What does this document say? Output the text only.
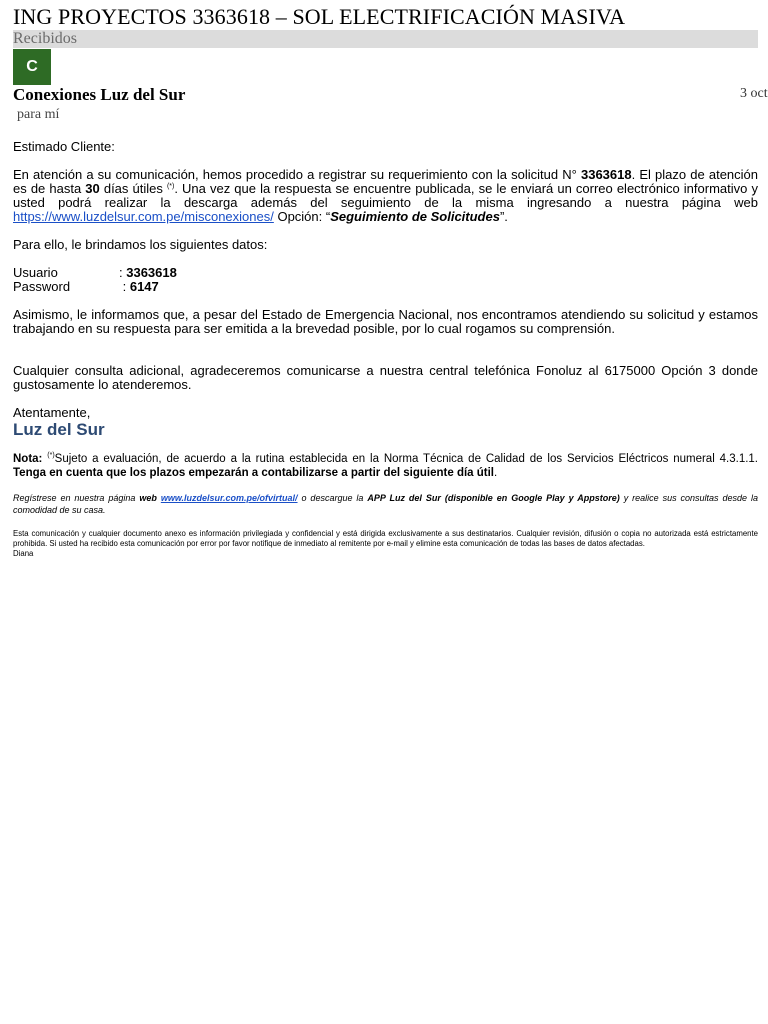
ING PROYECTOS 3363618 – SOL ELECTRIFICACIÓN MASIVA
Recibidos
C
Conexiones Luz del Sur	3 oct
para mí
Estimado Cliente:
En atención a su comunicación, hemos procedido a registrar su requerimiento con la solicitud N° 3363618. El plazo de atención es de hasta 30 días útiles (*). Una vez que la respuesta se encuentre publicada, se le enviará un correo electrónico informativo y usted podrá realizar la descarga además del seguimiento de la misma ingresando a nuestra página web https://www.luzdelsur.com.pe/misconexiones/ Opción: “Seguimiento de Solicitudes”.
Para ello, le brindamos los siguientes datos:
Usuario	: 3363618
Password	: 6147
Asimismo, le informamos que, a pesar del Estado de Emergencia Nacional, nos encontramos atendiendo su solicitud y estamos trabajando en su respuesta para ser emitida a la brevedad posible, por lo cual rogamos su comprensión.
Cualquier consulta adicional, agradeceremos comunicarse a nuestra central telefónica Fonoluz al 6175000 Opción 3 donde gustosamente lo atenderemos.
Atentamente,
Luz del Sur
Nota: (*)Sujeto a evaluación, de acuerdo a la rutina establecida en la Norma Técnica de Calidad de los Servicios Eléctricos numeral 4.3.1.1. Tenga en cuenta que los plazos empezarán a contabilizarse a partir del siguiente día útil.
Regístrese en nuestra página web www.luzdelsur.com.pe/ofvirtual/ o descargue la APP Luz del Sur (disponible en Google Play y Appstore) y realice sus consultas desde la comodidad de su casa.
Esta comunicación y cualquier documento anexo es información privilegiada y confidencial y está dirigida exclusivamente a sus destinatarios. Cualquier revisión, difusión o copia no autorizada está estrictamente prohibida. Si usted ha recibido esta comunicación por error por favor notifique de inmediato al remitente por e-mail y elimine esta comunicación de todas las bases de datos afectadas.
Diana
